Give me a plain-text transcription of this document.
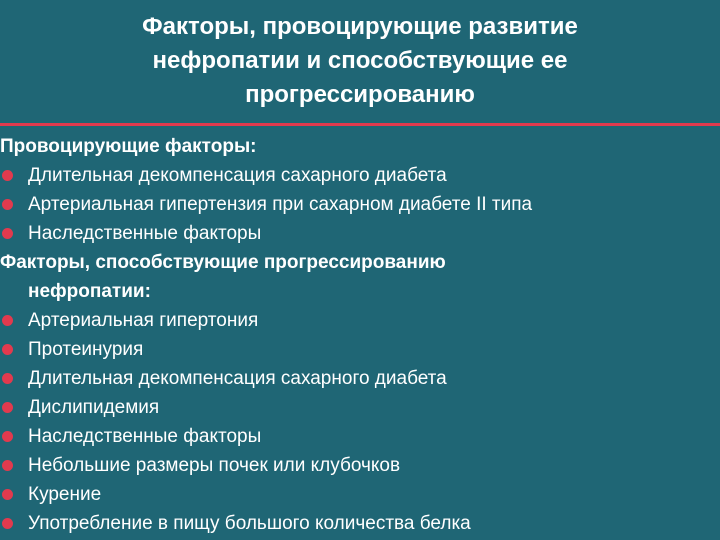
Факторы, провоцирующие развитие
нефропатии и способствующие ее
прогрессированию
Провоцирующие факторы:
Длительная декомпенсация сахарного диабета
Артериальная гипертензия при сахарном диабете II типа
Наследственные факторы
Факторы, способствующие прогрессированию
нефропатии:
Артериальная гипертония
Протеинурия
Длительная декомпенсация сахарного диабета
Дислипидемия
Наследственные факторы
Небольшие размеры почек или клубочков
Курение
Употребление в пищу большого количества белка
